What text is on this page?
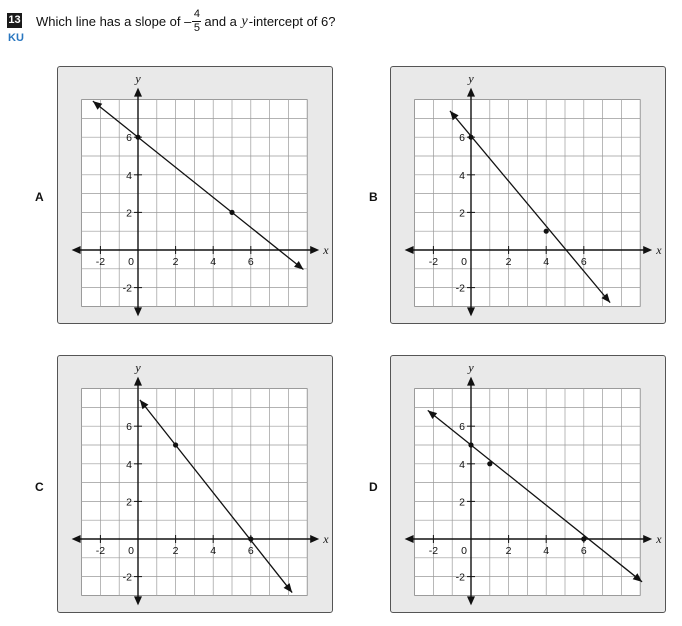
13
KU
Which line has a slope of – $\frac{4}{5}$ and a
y -intercept of 6?
A
x
y
-2 0	2	4	6
6
4
2
-2
B
x
y
-2 0	2	4	6
6
4
2
-2
C
x
y
-2 0	2	4	6
6
4
2
-2
D
x
y
-2 0	2	4	6
6
4
2
-2
